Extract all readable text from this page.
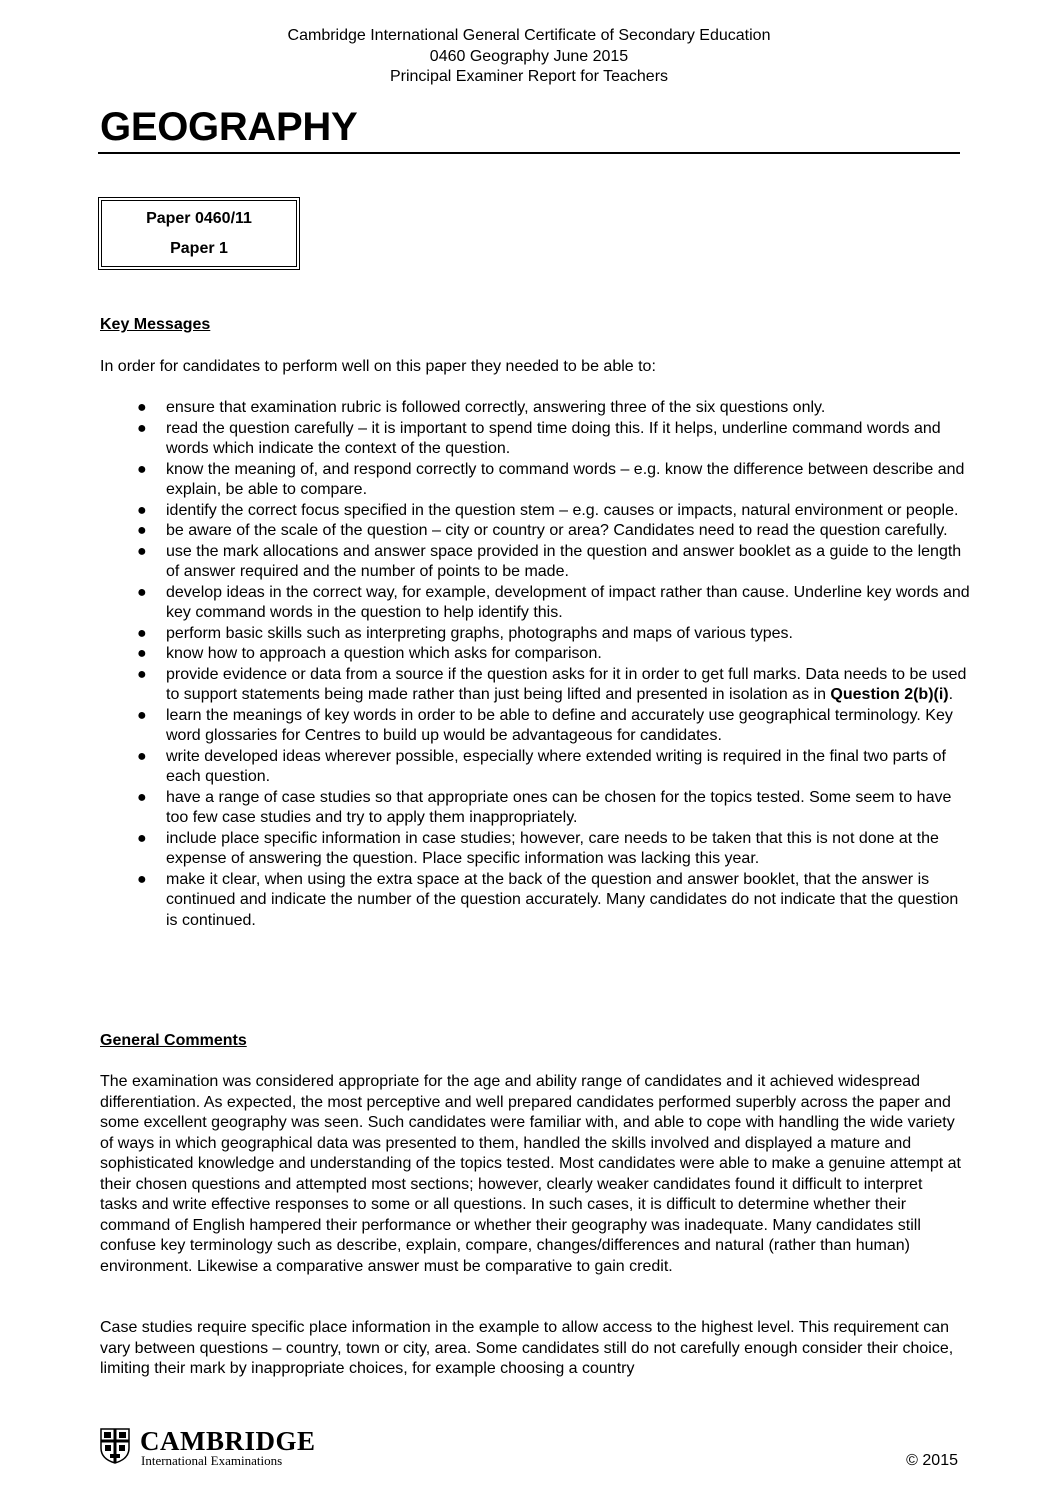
Cambridge International General Certificate of Secondary Education
0460 Geography June 2015
Principal Examiner Report for Teachers
GEOGRAPHY
Paper 0460/11
Paper 1
Key Messages

In order for candidates to perform well on this paper they needed to be able to:

● ensure that examination rubric is followed correctly, answering three of the six questions only.
● read the question carefully – it is important to spend time doing this. If it helps, underline command words and words which indicate the context of the question.
● know the meaning of, and respond correctly to command words – e.g. know the difference between describe and explain, be able to compare.
● identify the correct focus specified in the question stem – e.g. causes or impacts, natural environment or people.
● be aware of the scale of the question – city or country or area? Candidates need to read the question carefully.
● use the mark allocations and answer space provided in the question and answer booklet as a guide to the length of answer required and the number of points to be made.
● develop ideas in the correct way, for example, development of impact rather than cause. Underline key words and key command words in the question to help identify this.
● perform basic skills such as interpreting graphs, photographs and maps of various types.
● know how to approach a question which asks for comparison.
● provide evidence or data from a source if the question asks for it in order to get full marks. Data needs to be used to support statements being made rather than just being lifted and presented in isolation as in Question 2(b)(i).
● learn the meanings of key words in order to be able to define and accurately use geographical terminology. Key word glossaries for Centres to build up would be advantageous for candidates.
● write developed ideas wherever possible, especially where extended writing is required in the final two parts of each question.
● have a range of case studies so that appropriate ones can be chosen for the topics tested. Some seem to have too few case studies and try to apply them inappropriately.
● include place specific information in case studies; however, care needs to be taken that this is not done at the expense of answering the question. Place specific information was lacking this year.
● make it clear, when using the extra space at the back of the question and answer booklet, that the answer is continued and indicate the number of the question accurately. Many candidates do not indicate that the question is continued.
General Comments

The examination was considered appropriate for the age and ability range of candidates and it achieved widespread differentiation. As expected, the most perceptive and well prepared candidates performed superbly across the paper and some excellent geography was seen. Such candidates were familiar with, and able to cope with handling the wide variety of ways in which geographical data was presented to them, handled the skills involved and displayed a mature and sophisticated knowledge and understanding of the topics tested. Most candidates were able to make a genuine attempt at their chosen questions and attempted most sections; however, clearly weaker candidates found it difficult to interpret tasks and write effective responses to some or all questions. In such cases, it is difficult to determine whether their command of English hampered their performance or whether their geography was inadequate. Many candidates still confuse key terminology such as describe, explain, compare, changes/differences and natural (rather than human) environment. Likewise a comparative answer must be comparative to gain credit.

Case studies require specific place information in the example to allow access to the highest level. This requirement can vary between questions – country, town or city, area. Some candidates still do not carefully enough consider their choice, limiting their mark by inappropriate choices, for example choosing a country

CAMBRIDGE
International Examinations	© 2015
